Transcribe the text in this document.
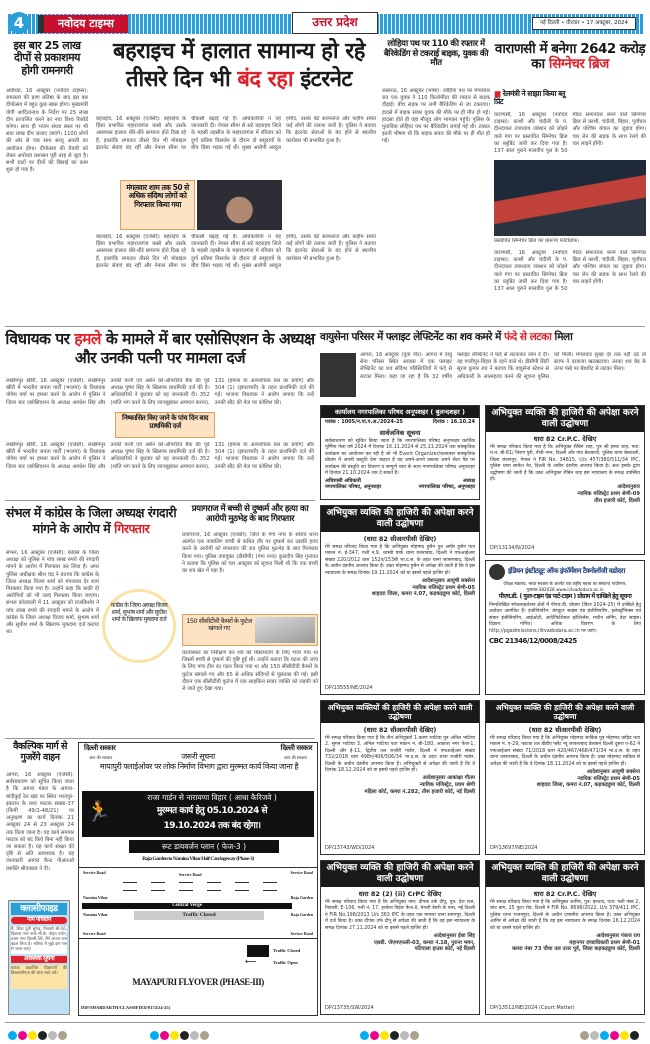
4	नवोदय टाइम्स	उत्तर प्रदेश	नई दिल्ली • वीरवार • 17 अक्टूबर, 2024
इस बार 25 लाख दीपों से प्रकाशमय होगी रामनगरी
अयोध्या, 16 अक्टूबर (नवोदय टाइम्स): रामलला की प्राण प्रतिष्ठा के बाद इस बार दीपोत्सव में बहुत कुछ खास होगा। मुख्यमंत्री योगी आदित्यनाथ के निर्देश पर 25 लाख दीप प्रज्वलित करने का नया विश्व रिकॉर्ड बनेगा। साथ ही भजन संध्या स्थल पर भी सवा लाख दीप जलाए जाएंगे। 1100 लोगों की ओर से एक साथ सरयू आरती का आयोजन होगा। दीपोत्सव की तैयारी को लेकर अयोध्या प्रशासन पूरी तरह से जुटा है। सभी घाटों पर दीयों की बिछाई का काम शुरू हो गया है।
बहराइच में हालात सामान्य हो रहे
तीसरे दिन भी बंद रहा इंटरनेट
बहराइच, 16 अक्टूबर (एजेंसी): बहराइच के हिंसा प्रभावित महाराजगंज कस्बे और उसके आसपास हालात धीरे-धीरे सामान्य होते दिख रहे हैं, हालांकि लगातार तीसरे दिन भी मोबाइल इंटरनेट सेवाएं बंद रहीं और नेपाल सीमा पर चौकसी बढ़ाई गई है। अधिकारियों ने यह जानकारी दी। नेपाल सीमा से सटे बहराइच जिले के महसी तहसील के महाराजगंज में रविवार को दुर्गा प्रतिमा विसर्जन के दौरान दो समुदायों के बीच हिंसा भड़क गई थी। मुख्य आरोपी अब्दुल हमीद, उसके बेटे सरफराज और फहीम समेत कई लोगों की तलाश जारी है। पुलिस ने बताया कि इंटरनेट सेवाओं के बंद होने से स्थानीय कारोबार भी प्रभावित हुआ है।
मंगलवार शाम तक 50 से अधिक संदिग्ध लोगों को गिरफ्तार किया गया
बहराइच, 16 अक्टूबर (एजेंसी): बहराइच के हिंसा प्रभावित महाराजगंज कस्बे और उसके आसपास हालात धीरे-धीरे सामान्य होते दिख रहे हैं, हालांकि लगातार तीसरे दिन भी मोबाइल इंटरनेट सेवाएं बंद रहीं और नेपाल सीमा पर चौकसी बढ़ाई गई है। अधिकारियों ने यह जानकारी दी। नेपाल सीमा से सटे बहराइच जिले के महसी तहसील के महाराजगंज में रविवार को दुर्गा प्रतिमा विसर्जन के दौरान दो समुदायों के बीच हिंसा भड़क गई थी। मुख्य आरोपी अब्दुल हमीद, उसके बेटे सरफराज और फहीम समेत कई लोगों की तलाश जारी है। पुलिस ने बताया कि इंटरनेट सेवाओं के बंद होने से स्थानीय कारोबार भी प्रभावित हुआ है।
लोहिया पथ पर 110 की रफ्तार में बैरिकेडिंग से टकराई बाइक, युवक की मौत
लखनऊ, 16 अक्टूबर (भाषा): लोहिया पथ पर मंगलवार रात एक युवक ने 110 किलोमीटर की रफ्तार से बाइक दौड़ाई। बीच सड़क पर लगी बैरिकेडिंग से जा टकराया। हादसे में बाइक सवार युवक की मौके पर ही मौत हो गई। हादसा होते ही वहां मौजूद लोग भागकर पहुंचे। पुलिस के मुताबिक लोहिया पथ पर बैरिकेडिंग लगाई गई थी। टक्कर इतनी भीषण थी कि बाइक सवार की मौके पर ही मौत हो गई।
वाराणसी में बनेगा 2642 करोड़ का सिग्नेचर ब्रिज
■ रेलमंत्री ने साझा किया ब्लू प्रिंट
वाराणसी, 16 अक्टूबर (नवोदय टाइम्स): काशी और चंदौली के पं. दीनदयाल उपाध्याय जंक्शन को जोड़ने वाले गंगा पर प्रस्तावित सिग्नेचर ब्रिज का ब्लूप्रिंट जारी कर दिया गया है। 137 साल पुराने मालवीय पुल के 50 मीटर समानांतर बनने वाले सिग्नेचर ब्रिज से काशी, चंदौली, बिहार, पूर्वांचल और पश्चिम बंगाल का जुड़ाव होगा। चार लेन की सड़क के साथ रेलवे की चार लाइनें होंगी।
प्रस्तावित सिग्नेचर ब्रिज का प्रारूप्य फोटोग्राफ।
वाराणसी, 16 अक्टूबर (नवोदय टाइम्स): काशी और चंदौली के पं. दीनदयाल उपाध्याय जंक्शन को जोड़ने वाले गंगा पर प्रस्तावित सिग्नेचर ब्रिज का ब्लूप्रिंट जारी कर दिया गया है। 137 साल पुराने मालवीय पुल के 50 मीटर समानांतर बनने वाले सिग्नेचर ब्रिज से काशी, चंदौली, बिहार, पूर्वांचल और पश्चिम बंगाल का जुड़ाव होगा। चार लेन की सड़क के साथ रेलवे की चार लाइनें होंगी।
विधायक पर हमले के मामले में बार एसोसिएशन के अध्यक्ष और उनकी पत्नी पर मामला दर्ज
लखीमपुर खीरी, 16 अक्टूबर (एजेंसी): लखीमपुर खीरी में भारतीय जनता पार्टी (भाजपा) के विधायक योगेश वर्मा पर हमला करने के आरोप में पुलिस ने जिला बार एसोसिएशन के अध्यक्ष अवधेश सिंह और उनकी पत्नी एवं अर्बन को-ऑपरेटिव बैंक की पूर्व अध्यक्ष पुष्पा सिंह के खिलाफ प्राथमिकी दर्ज की है। अधिकारियों ने बुधवार को यह जानकारी दी। 352 (शांति भंग करने के लिए जानबूझकर अपमान करना), 131 (हमला या आपराधिक बल का प्रयोग) और 304 (1) (झपटमारी) के तहत प्राथमिकी दर्ज की गई। भाजपा विधायक ने आरोप लगाया कि उन्हें उनकी सीट की पेज पर कोशिश की।
निष्कासित किए जाने के पांच दिन बाद प्राथमिकी दर्ज
लखीमपुर खीरी, 16 अक्टूबर (एजेंसी): लखीमपुर खीरी में भारतीय जनता पार्टी (भाजपा) के विधायक योगेश वर्मा पर हमला करने के आरोप में पुलिस ने जिला बार एसोसिएशन के अध्यक्ष अवधेश सिंह और उनकी पत्नी एवं अर्बन को-ऑपरेटिव बैंक की पूर्व अध्यक्ष पुष्पा सिंह के खिलाफ प्राथमिकी दर्ज की है। अधिकारियों ने बुधवार को यह जानकारी दी। 352 (शांति भंग करने के लिए जानबूझकर अपमान करना), 131 (हमला या आपराधिक बल का प्रयोग) और 304 (1) (झपटमारी) के तहत प्राथमिकी दर्ज की गई। भाजपा विधायक ने आरोप लगाया कि उन्हें उनकी सीट की पेज पर कोशिश की।
वायुसेना परिसर में फ्लाइट लेफ्टिनेंट का शव कमरे में फंदे से लटका मिला
आगरा, 16 अक्टूबर (युवा नीर): आगरा में वायु सेना परिसर स्थित आवास में एक फ्लाइट लेफ्टिनेंट का शव संदिग्ध परिस्थितियों में फंदे से लटका मिला। कहा जा रहा है कि 32 वर्षीय फ्लाइट लेफ्टिनेंट ने फंदे से लटककर जान दे दी। वह गाजीपुर-बिहार के रहने वाले थे। डीसीपी सिटी सूरज कुमार राय ने बताया कि वायुसेना स्टेशन से अधिकारी के आत्महत्या करने की सूचना पुलिस को मिली। मंगलवार सुबह देर तक नहीं उठे तो स्टाफ ने दरवाजा खटखटाया। उनका शव बेड के ऊपर पंखे पर बेडशीट से लटका मिला।
कार्यालय नगरपालिका परिषद अनूपशहर ( बुलन्दशहर )
पत्रांक : 1005/न.पा.प.अ./2024-25	दिनांक : 16.10.24
सार्वजनिक सूचना
सर्वसाधारण को सूचित किया जाता है कि नगरपालिका परिषद अनूपशहर कार्तिक पूर्णिमा मेला वर्ष 2024 में दिनांक 16.11.2024 से 25.11.2024 तक सांस्कृतिक कार्यक्रम का आयोजन कर रही है जो भी Event Organizer/कलाकार सांस्कृतिक प्रोग्राम में अपनी प्रस्तुति देना चाहता है वह अपने-अपने प्रस्ताव अपने लैटर पैड पर कार्यक्रम की प्रस्तुति का विवरण व सम्पूर्ण व्यय के साथ नगरपालिका परिषद अनूपशहर में दिनांक 21.10.2024 तक दे सकते हैं।
अधिशासी अधिकारी
नगरपालिका परिषद, अनूपशहर
अध्यक्ष
नगरपालिका परिषद, अनूपशहर
अभियुक्त व्यक्ति की हाजिरी की अपेक्षा करने वाली उद्घोषणा
धारा 82 Cr.P.C. देखिए
मेरे समक्ष परिवाद किया गया है कि अभियुक्त रौबिन शाह, पुत्र श्री हरक शाह, पता: म.नं. बी-81/ विराग पुरी, नीती नगर, दिल्ली और गांव बेलवाली, पुलिस थाना बेलवाली, जिला कंचनपुर, नेपाल ने FIR No. 34815, U/s 457/380/511/34 IPC, पुलिस थाना साकेत नेट, दिल्ली के अधीन दंडनीय अपराध किया है। अतः इसके द्वारा उद्घोषणा की जाती है कि उक्त अभियुक्त रौबिन शाह इस न्यायालय के समक्ष उपस्थित हो।
आदेशानुसार
न्यायिक मजिस्ट्रेट प्रथम श्रेणी-09
तीस हजारी कोर्ट, दिल्ली
DP/13134/N/2024
संभल में कांग्रेस के जिला अध्यक्ष रंगदारी मांगने के आरोप में गिरफ्तार
कांग्रेस के जिला अध्यक्ष विजय शर्मा, सुभाष शर्मा और सुधीश शर्मा के खिलाफ मुकदमा दर्ज
संभल, 16 अक्टूबर (एजेंसी): कांग्रेस के जिला अध्यक्ष को पुलिस ने पांच लाख रुपये की रंगदारी मांगने के आरोप में गिरफ्तार कर लिया है। अपर पुलिस अधीक्षक श्रीश चंद्र ने बताया कि कांग्रेस के जिला अध्यक्ष विजय शर्मा को मंगलवार देर शाम गिरफ्तार किया गया है। उन्होंने कहा कि बाकी दो आरोपियों को भी जल्द गिरफ्तार किया जाएगा। संभल कोतवाली में 11 अक्टूबर को राजकिशोर ने पांच लाख रुपये की रंगदारी मांगने के आरोप में कांग्रेस के जिला अध्यक्ष विजय शर्मा, सुभाष शर्मा और सुधीश शर्मा के खिलाफ मुकदमा दर्ज कराया था।
प्रयागराज में बच्ची से दुष्कर्म और हत्या का आरोपी मुठभेड़ के बाद गिरफ्तार
प्रयागराज, 16 अक्टूबर (एजेंसी): जिले के गंगा नगर के सोरांव थाना अंतर्गत एक नाबालिग बच्ची से कथित तौर पर दुष्कर्म कर उसकी हत्या करने के आरोपी को मंगलवार की रात पुलिस मुठभेड़ के बाद गिरफ्तार किया गया। पुलिस उपायुक्त (डीसीपी) (गंगा नगर) कुलदीप सिंह गुनावत ने बताया कि पुलिस को चार अक्टूबर को सूचना मिली थी कि एक बच्ची का शव खेत में पड़ा है।
150 सीसीटीवी कैमरों के फुटेज खंगाले गए
घटनास्थल का निरीक्षण कर शव को पोस्टमार्टम के लिए भेजा गया था जिसमें बच्ची से दुष्कर्म की पुष्टि हुई थी। उन्होंने बताया कि घटना की जांच के लिए पांच टीम का गठन किया गया था और 150 सीसीटीवी कैमरों के फुटेज खंगाले गए और 65 से अधिक संदिग्धों से पूछताछ की गई। इसी दौरान एक सीसीटीवी फुटेज में एक साइकिल सवार व्यक्ति को लड़की को ले जाते हुए देखा गया।
अभियुक्त व्यक्ति की हाजिरी की अपेक्षा करने वाली उद्घोषणा
(धारा 82 सीआरपीसी देखिए)
मेरे समक्ष परिवाद किया गया है कि अभियुक्त मोहम्मद हुसैन पुत्र अमीर हुसैन पता मकान नं. ई-347, गली नं.9, शास्त्री पार्क थाना वजराबाद, दिल्ली ने एफआईआर संख्या 220/2012 धारा 152ए/153बी भा.द.स. के तहत थाना जाफराबाद, दिल्ली के अधीन दंडनीय अपराध किया है। उक्त मोहम्मद हुसैन से अपेक्षा की जाती है कि वे इस न्यायालय के समक्ष दिनांक 19.11.2024 को या इससे पहले हाजिर हों।
आदेशानुसार आयुषी सक्सेना
न्यायिक मजिस्ट्रेट प्रथम श्रेणी-05
शाहदरा जिला, कमरा नं.07, कड़कड़डूमा कोर्ट, दिल्ली
DP/13555/NE/2024
इंडियन इंस्टीट्यूट ऑफ इंफॉर्मेशन टैक्नोलॉजी वडोदरा
(शिक्षा मंत्रालय, भारत सरकार के अंतर्गत एक राष्ट्रीय महत्त्व का संस्थान) गांधीनगर, गुजरात-382028 www.iiitvadodara.ac.in
पीएच.डी. ( फुल-टाइम एंड पार्ट-टाइम ) प्रोग्राम में दाखिले हेतु सूचना
निम्नलिखित स्पेशलाइजेशन क्षेत्रों में पीएच.डी. प्रोग्राम (विंटर 2024-25) में दाखिले हेतु आवेदन आमंत्रित हैं। इंजीनियरिंग: कंप्यूटर साइंस एंड इंजीनियरिंग, इलेक्ट्रॉनिक्स एवं संचार इंजीनियरिंग, आईओटी, आर्टिफिशियल इंटेलिजेंस, मशीन लर्निंग, डेटा साइंस। विज्ञान: गणित। अधिक विवरण के लिए http://pgadmissions.iiitvadodara.ac.in पर जाएं।
CBC 21346/12/0008/2425
वैकल्पिक मार्ग से गुजरेंगे वाहन
आगरा, 16 अक्टूबर (एजेंसी): सर्वसाधारण को सूचित किया जाता है कि आगरा मंडल के आगरा-बांदीकुई रेल खंड पर स्थित भरतपुर-इकरान के मध्य फाटक संख्या-37 (किमी 49/1-48/21) पर अनुरक्षण का कार्य दिनांक 21 अक्टूबर 24 से 23 अक्टूबर 24 तक किया जाना है। यह कार्य समपार फाटक को बंद किये बिना नहीं किया जा सकता है। यह कार्य संरक्षा की दृष्टि से अति आवश्यक है। यह जानकारी आगरा कैन्ट पीआरओ प्रशस्ति श्रीवास्तव ने दी।
क्लासीफाइड
नाम परिवर्तन
मैं, शिवा पुत्री सुरेन्द्र, निवासी सी-16, विकास नगर पार्क सी.के. मोहन गार्डन, उत्तम नगर दिल्ली-59, मैंने अपना नाम बदल लिया है। भविष्य में मुझे इस नाम से जाना जाए।
आवश्यक सूचना
पाठक प्रकाशित विज्ञापनों की विश्वसनीयता की जांच स्वयं करें।
दिल्ली सरकार
आप की सरकार
दिल्ली सरकार
आप की सरकार
जरूरी सूचना
मायापुरी फ्लाईओवर पर लोक निर्माण विभाग द्वारा मुरम्मत कार्य किया जाना है
🏃
राजा गार्डन से नारायणा विहार ( आधा कैरिजवे )
मुरम्मत कार्य हेतु 05.10.2024 से
19.10.2024 तक बंद रहेगा।
रूट डायवर्जन प्लान ( फेज-3 )
Raja Garden to Naraina Vihar Half Carriageway (Phase-3)
Service Road	Service Road	Service Road
Naraina Vihar	Raja Garden
Central Verge
Naraina Vihar	Traffic Closed	Raja Garden
Service Road	Service Road
Traffic Closed
⟵	Traffic Open
MAYAPURI FLYOVER (PHASE-III)
DIP/SHABDARTH/CLASSIFIED/0174/24-25)
अभियुक्त व्यक्तियों की हाजिरी की अपेक्षा करने वाली उद्घोषणा
(धारा 82 सीआरपीसी देखिए)
मेरे समक्ष परिवाद किया गया है कि तीन अभियुक्तों 1.करण भाटिया पुत्र अनिल भाटिया 2. सुमन भाटिया 3. अनिल भाटिया पता मकान नं. बी-180, आकाश नगर फेज-1, दिल्ली और ई-11, द्वितीय तल राजौरी गार्डन, दिल्ली ने एफआईआर संख्या 732/2018 धारा 498ए/406/506/34 भा.द.स. के तहत थाना राजौरी गार्डन, दिल्ली के अधीन दंडनीय अपराध किया है। अभियुक्तों से अपेक्षा की जाती है कि वे दिनांक 18.12.2024 को या इससे पहले हाजिर हों।
आदेशानुसार आकांक्षा गौतम
न्यायिक मजिस्ट्रेट, प्रथम श्रेणी
महिला कोर्ट, कमरा नं.282, तीस हजारी कोर्ट, नई दिल्ली
DP/13743/WD/2024
अभियुक्त व्यक्ति की हाजिरी की अपेक्षा करने वाली उद्घोषणा
(धारा 82 सीआरपीसी देखिए)
मेरे समक्ष परिवाद किया गया है कि अभियुक्त मोहम्मद साकिब पुत्र मोहम्मद वाहिद पता मकान नं. ए-29, फाटक तल डीडीए फ्लैट न्यू जाफराबाद वेलकम दिल्ली दूसरा ए-62 ने एफआईआर संख्या 71/2018 धारा 420/467/468/471/34 भा.द.स. के तहत थाना जाफराबाद, दिल्ली के अधीन दंडनीय अपराध किया है। उक्त मोहम्मद साकिब से अपेक्षा की जाती है कि वे दिनांक 18.11.2024 को या इससे पहले हाजिर हों।
आदेशानुसार आयुषी सक्सेना
न्यायिक मजिस्ट्रेट प्रथम श्रेणी-05
शाहदरा जिला, कमरा नं.07, कड़कड़डूमा कोर्ट, दिल्ली
DP/13697/NE/2024
अभियुक्त व्यक्ति की हाजिरी की अपेक्षा करने वाली उद्घोषणा
धारा 82 (2) (ii) CrPC देखिए
मेरे समक्ष परिवाद किया गया है कि अभियुक्त नाम: दीपक उर्फ दीपू, पुत्र: देश राज, निवासी: E-106, गली नं. 17, हरकेश विहार फेज-II, मंगली डेयरी के पास, नई दिल्ली ने FIR No.198/2013 U/s 363 IPC के तहत एक मामला थाना सागरपुर, दिल्ली में दर्ज किया है। उक्त दीपक उर्फ दीपू से अपेक्षा की जाती है कि वह इस न्यायालय के समक्ष दिनांक 27.11.2024 को या इससे पहले हाजिर हो।
आदेशानुसार ईशा सिंह
एलडी. जेएमएफसी-03, कमरा नं.18, पुराना भवन,
पटियाला हाउस कोर्ट, नई दिल्ली
DP/13735/SW/2024
अभियुक्त व्यक्ति की हाजिरी की अपेक्षा करने वाली उद्घोषणा
धारा 82 Cr.P.C. देखिए
मेरे समक्ष परिवाद किया गया है कि अभियुक्त आमिर, पुत्र: इरशाद, पता: गली नंबर 2, चांद बाग, 25 फुटा रोड, दिल्ली ने FIR No. 8696/2022, U/s 379/411 IPC, पुलिस थाना भजनपुरा, दिल्ली के अधीन दण्डनीय अपराध किया है। उक्त अभियुक्त आमिर से अपेक्षा की जाती है कि वह इस न्यायालय के समक्ष दिनांक 16.12.2024 को या उससे पहले हाजिर हो।
आदेशानुसार पंकज राय
महानगर दण्डाधिकारी प्रथम श्रेणी-01
कमरा नंबर 73 चौथा तल उत्तर पूर्व, जिला कड़कड़डूमा कोर्ट, दिल्ली
DP/13512/NE/2024 (Court Matter)
